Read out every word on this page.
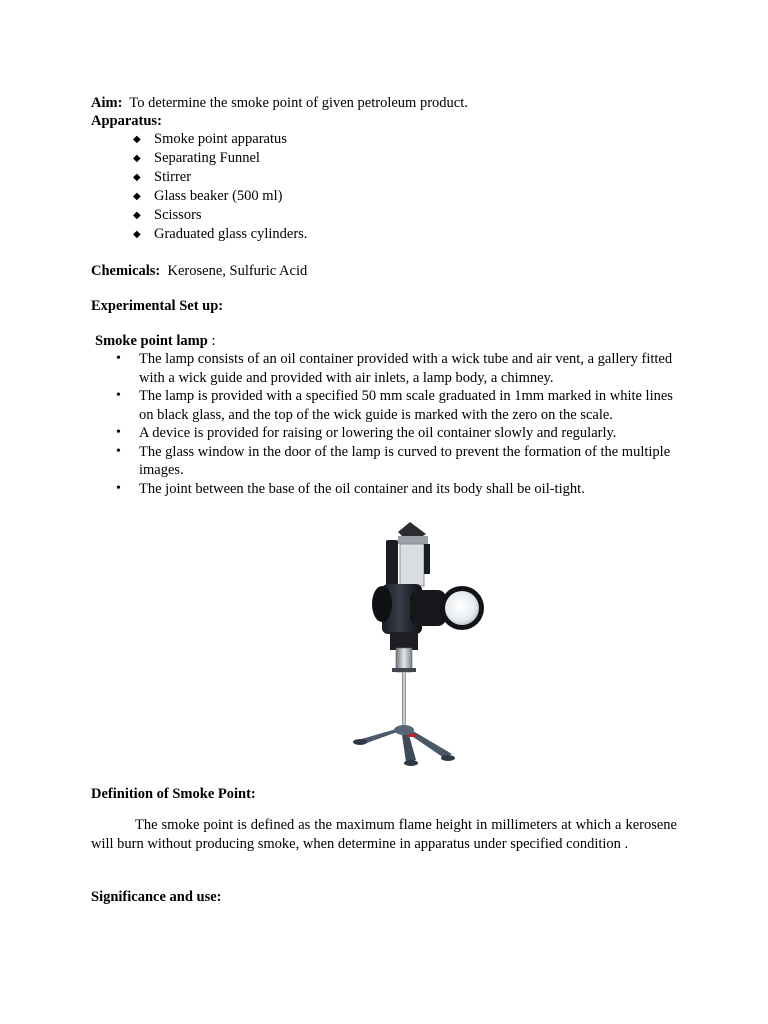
Aim: To determine the smoke point of given petroleum product.
Apparatus:
◆ Smoke point apparatus
◆ Separating Funnel
◆ Stirrer
◆ Glass beaker (500 ml)
◆ Scissors
◆ Graduated glass cylinders.
Chemicals: Kerosene, Sulfuric Acid
Experimental Set up:
Smoke point lamp :
• The lamp consists of an oil container provided with a wick tube and air vent, a gallery fitted with a wick guide and provided with air inlets, a lamp body, a chimney.
• The lamp is provided with a specified 50 mm scale graduated in 1mm marked in white lines on black glass, and the top of the wick guide is marked with the zero on the scale.
• A device is provided for raising or lowering the oil container slowly and regularly.
• The glass window in the door of the lamp is curved to prevent the formation of the multiple images.
• The joint between the base of the oil container and its body shall be oil-tight.
Definition of Smoke Point:
The smoke point is defined as the maximum flame height in millimeters at which a kerosene will burn without producing smoke, when determine in apparatus under specified condition .
Significance and use:
